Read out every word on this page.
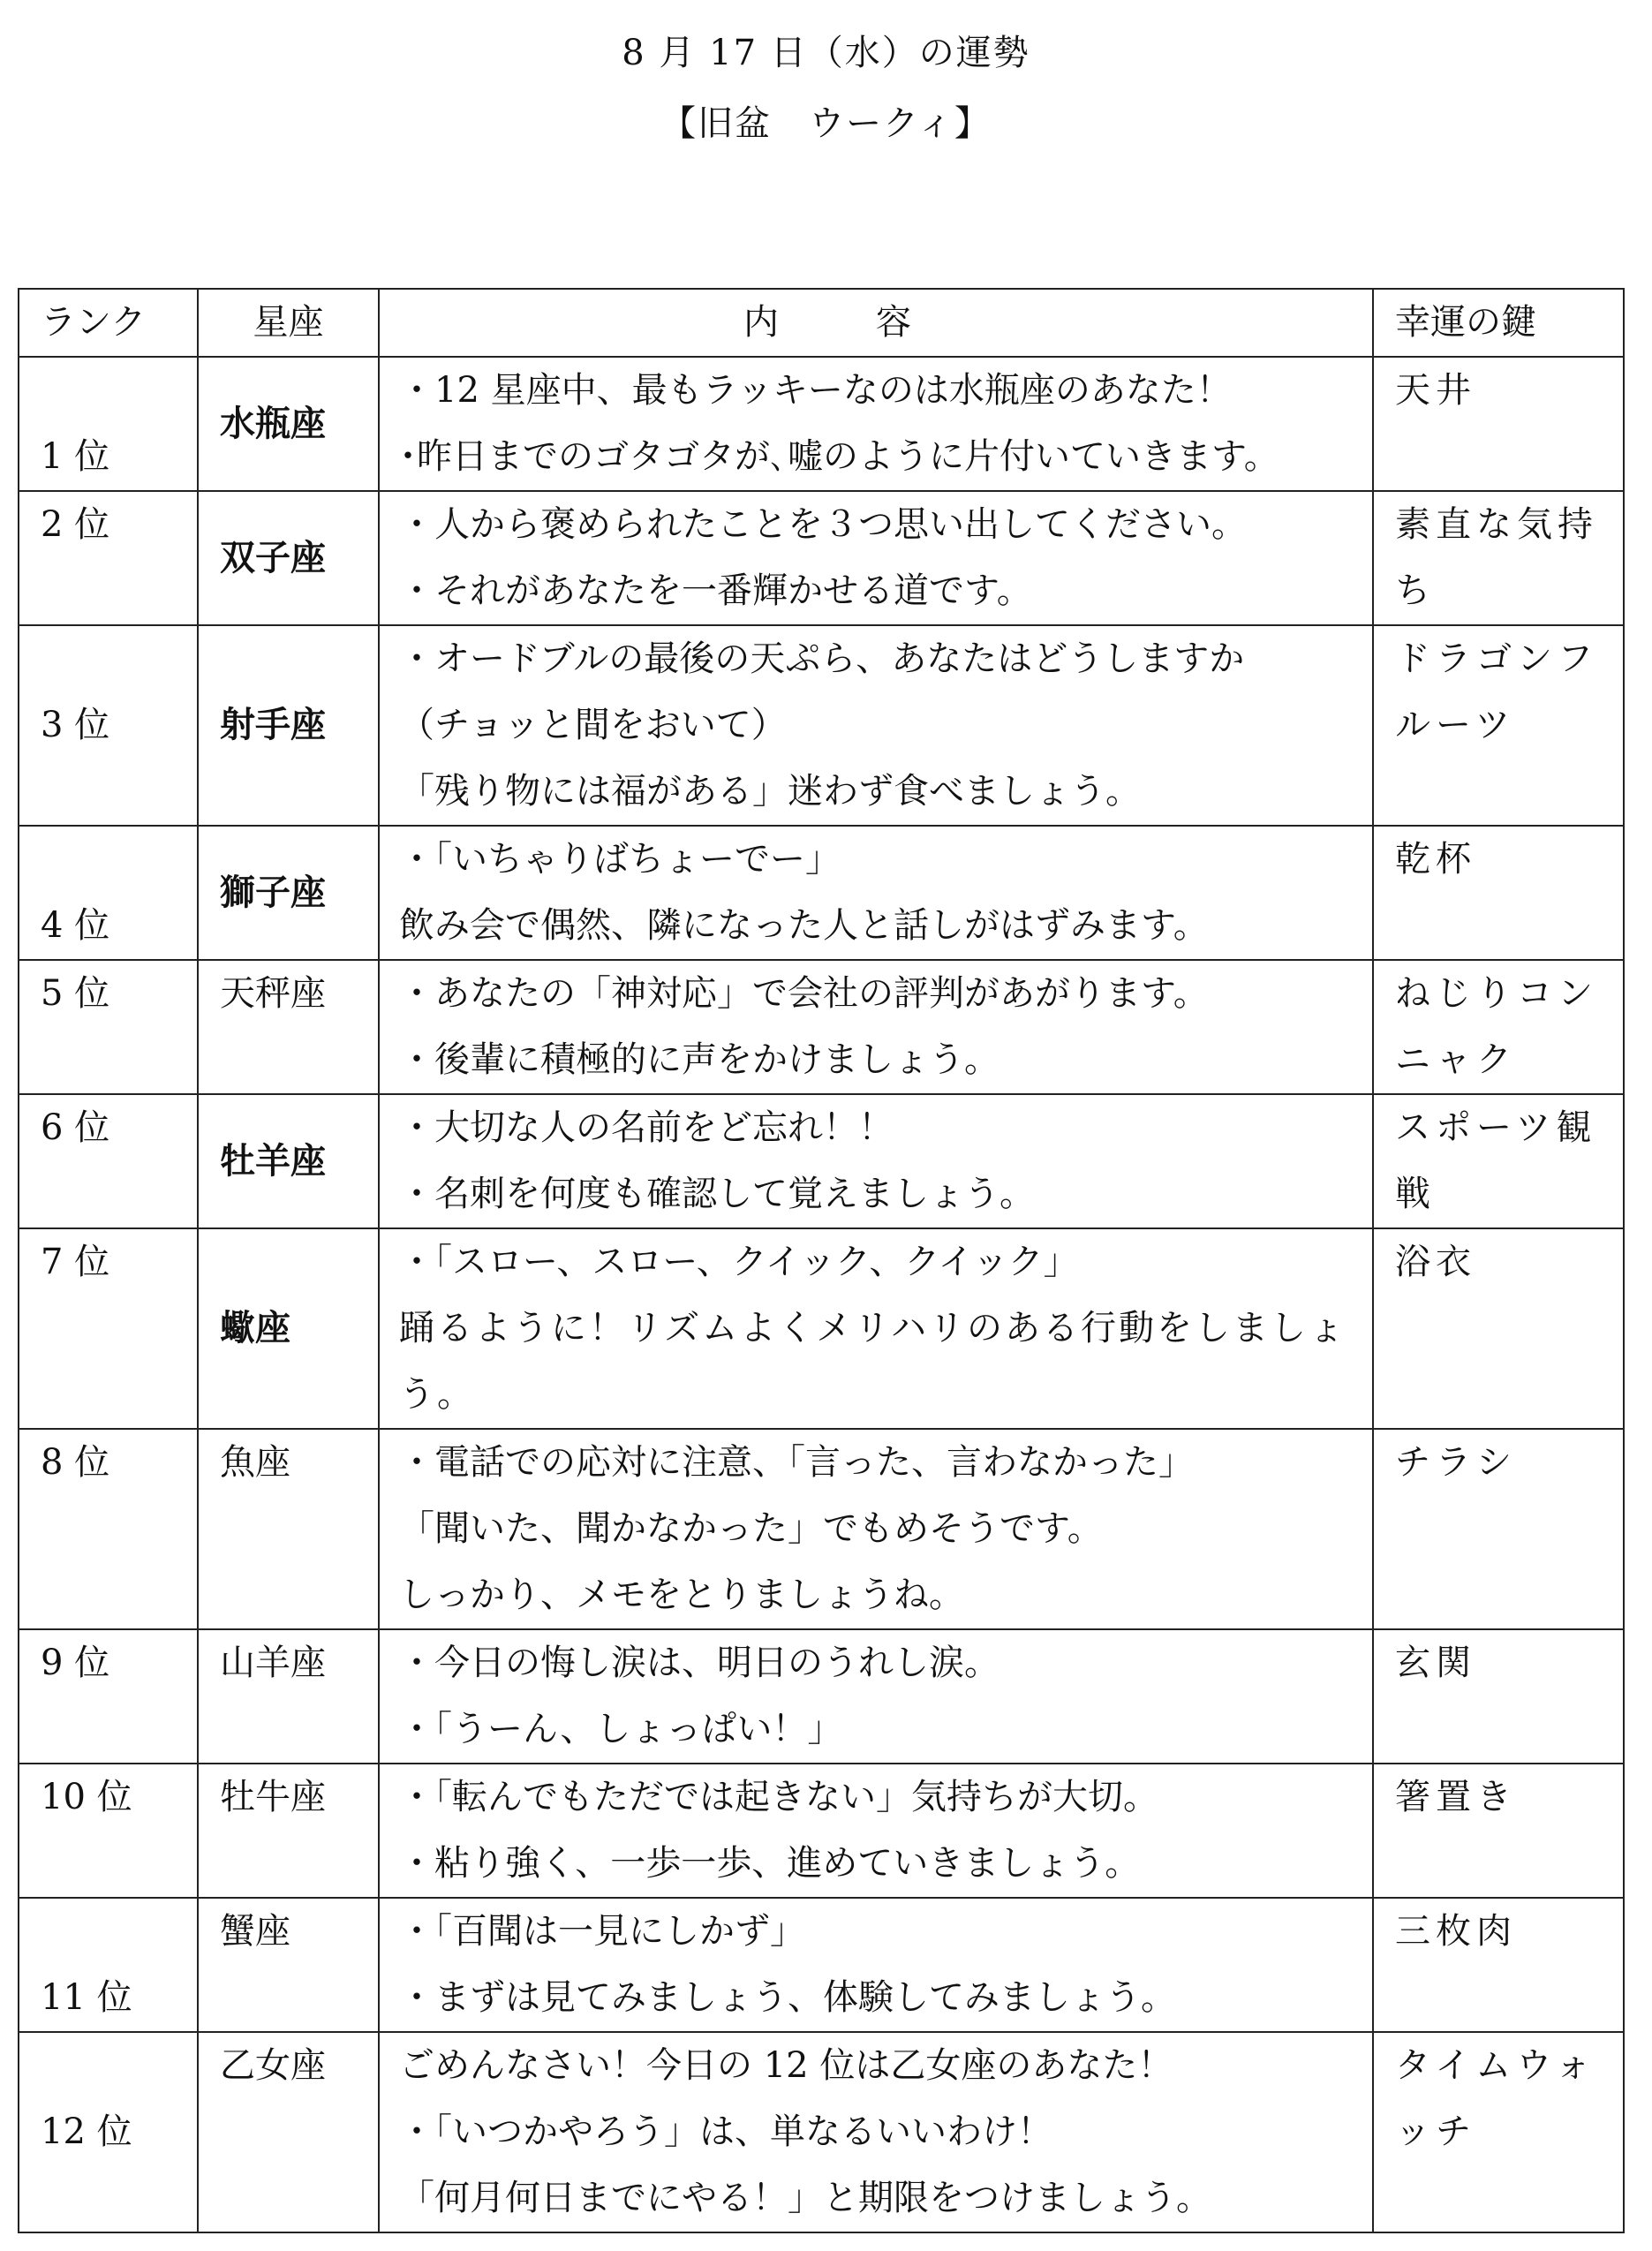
8 月 17 日（水）の運勢
【旧盆　ウークィ】
ランク	星座	内容	幸運の鍵
1 位	水瓶座	・12 星座中、最もラッキーなのは水瓶座のあなた！
･昨日までのゴタゴタが､嘘のように片付いていきます。	天井
2 位	双子座	・人から褒められたことを３つ思い出してください。
・それがあなたを一番輝かせる道です。	素直な気持ち
3 位	射手座	・オードブルの最後の天ぷら、あなたはどうしますか
（チョッと間をおいて）
「残り物には福がある」迷わず食べましょう。	ドラゴンフルーツ
4 位	獅子座	・「いちゃりばちょーでー」
飲み会で偶然、隣になった人と話しがはずみます。	乾杯
5 位	天秤座	・あなたの「神対応」で会社の評判があがります。
・後輩に積極的に声をかけましょう。	ねじりコンニャク
6 位	牡羊座	・大切な人の名前をど忘れ！！
・名刺を何度も確認して覚えましょう。	スポーツ観戦
7 位	蠍座	・「スロー、スロー、クイック、クイック」
踊るように！リズムよくメリハリのある行動をしましょう。	浴衣
8 位	魚座	・電話での応対に注意、「言った、言わなかった」
「聞いた、聞かなかった」でもめそうです。
しっかり、メモをとりましょうね。	チラシ
9 位	山羊座	・今日の悔し涙は、明日のうれし涙。
・「うーん、しょっぱい！」	玄関
10 位	牡牛座	・「転んでもただでは起きない」気持ちが大切。
・粘り強く、一歩一歩、進めていきましょう。	箸置き
11 位	蟹座	・「百聞は一見にしかず」
・まずは見てみましょう、体験してみましょう。	三枚肉
12 位	乙女座	ごめんなさい！今日の 12 位は乙女座のあなた！
・「いつかやろう」は、単なるいいわけ！
「何月何日までにやる！」と期限をつけましょう。	タイムウォッチ
